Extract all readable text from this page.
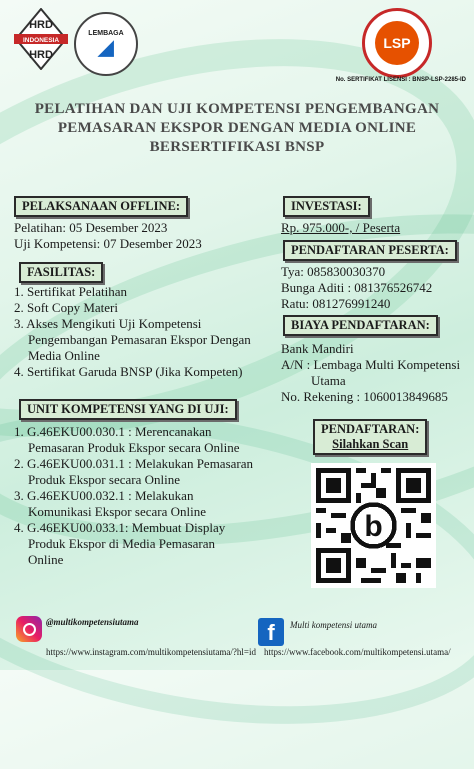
HRD
INDONESIA
HRD
LEMBAGA
◢	LSP
No. SERTIFIKAT LISENSI : BNSP-LSP-2285-ID
PELATIHAN DAN UJI KOMPETENSI PENGEMBANGAN
PEMASARAN EKSPOR DENGAN MEDIA ONLINE
BERSERTIFIKASI BNSP
PELAKSANAAN OFFLINE:
Pelatihan: 05 Desember 2023
Uji Kompetensi: 07 Desember 2023
FASILITAS:
1. Sertifikat Pelatihan
2. Soft Copy Materi
3. Akses Mengikuti Uji Kompetensi
Pengembangan Pemasaran Ekspor Dengan
Media Online
4. Sertifikat Garuda BNSP (Jika Kompeten)
UNIT KOMPETENSI YANG DI UJI:
1. G.46EKU00.030.1 : Merencanakan
Pemasaran Produk Ekspor secara Online
2. G.46EKU00.031.1 : Melakukan Pemasaran
Produk Ekspor secara Online
3. G.46EKU00.032.1 : Melakukan
Komunikasi Ekspor secara Online
4. G.46EKU00.033.1: Membuat Display
Produk Ekspor di Media Pemasaran
Online
INVESTASI:
Rp. 975.000-, / Peserta
PENDAFTARAN PESERTA:
Tya: 085830030370
Bunga Aditi : 081376526742
Ratu: 081276991240
BIAYA PENDAFTARAN:
Bank Mandiri
A/N : Lembaga Multi Kompetensi
Utama
No. Rekening : 1060013849685
PENDAFTARAN:
Silahkan Scan
b
@multikompetensiutama
https://www.instagram.com/multikompetensiutama/?hl=id
f	Multi kompetensi utama
https://www.facebook.com/multikompetensi.utama/
